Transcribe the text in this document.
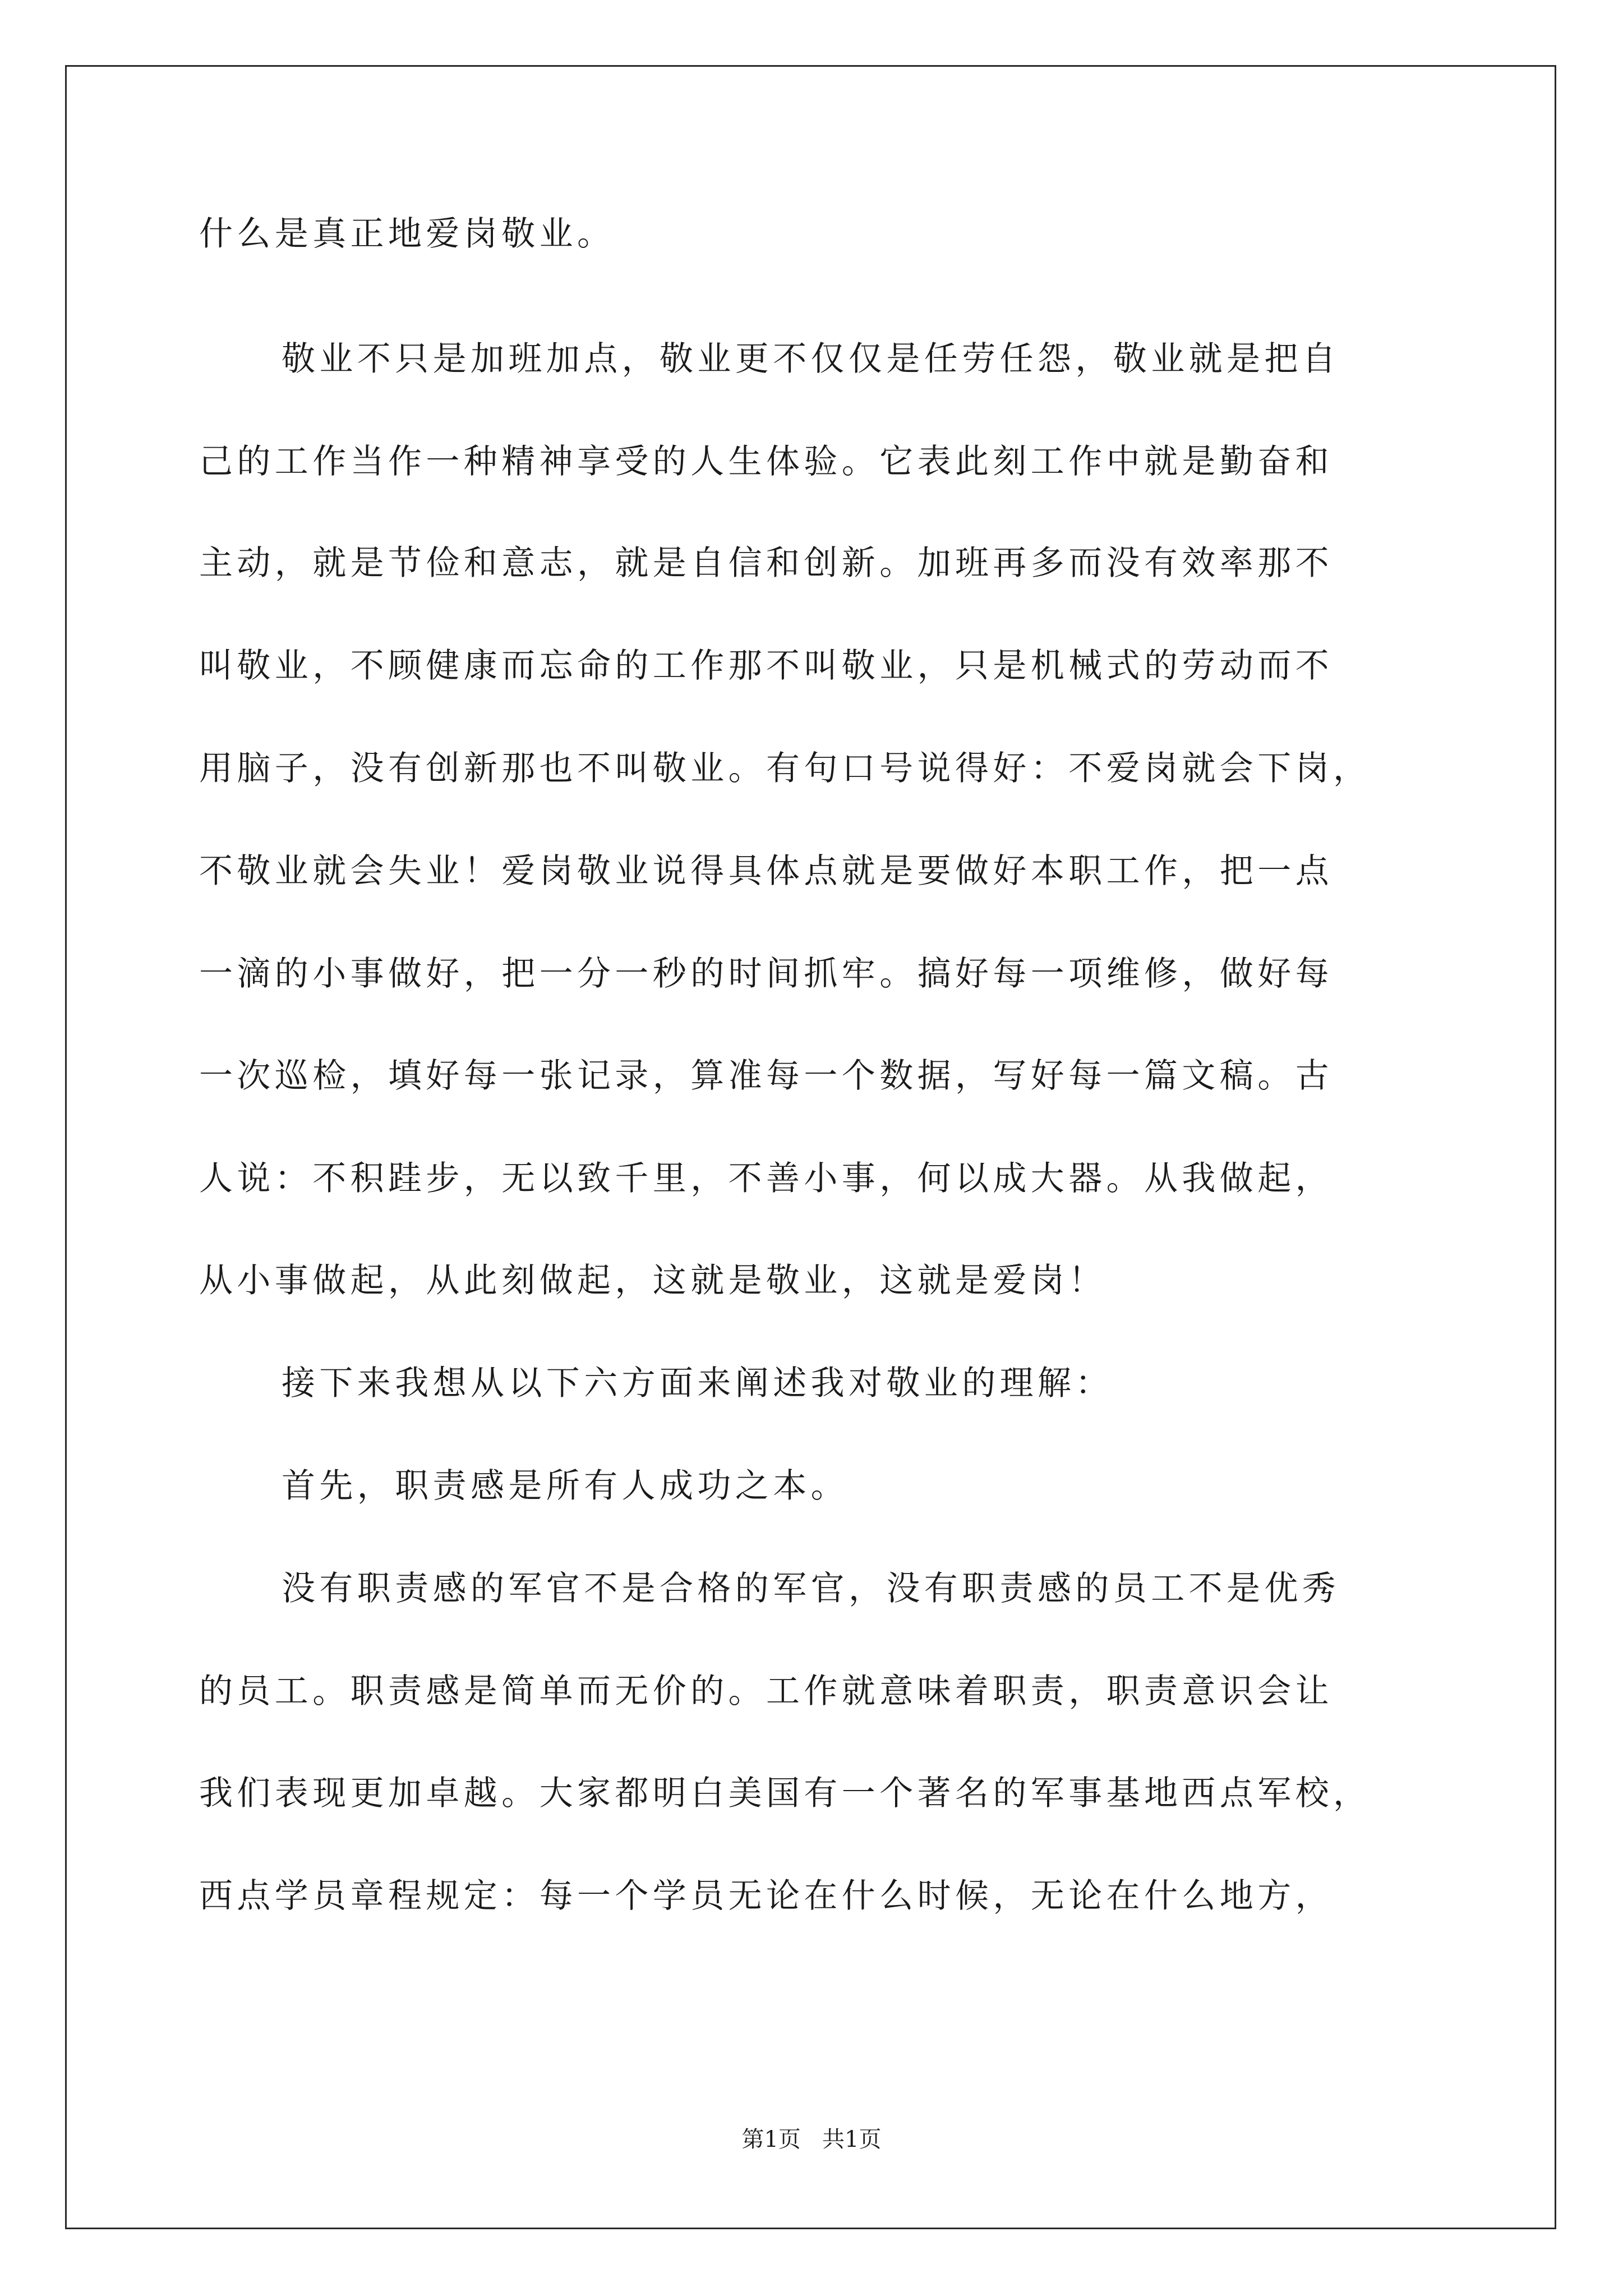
什么是真正地爱岗敬业。

敬业不只是加班加点，敬业更不仅仅是任劳任怨，敬业就是把自

己的工作当作一种精神享受的人生体验。它表此刻工作中就是勤奋和

主动，就是节俭和意志，就是自信和创新。加班再多而没有效率那不

叫敬业，不顾健康而忘命的工作那不叫敬业，只是机械式的劳动而不

用脑子，没有创新那也不叫敬业。有句口号说得好：不爱岗就会下岗，

不敬业就会失业！爱岗敬业说得具体点就是要做好本职工作，把一点

一滴的小事做好，把一分一秒的时间抓牢。搞好每一项维修，做好每

一次巡检，填好每一张记录，算准每一个数据，写好每一篇文稿。古

人说：不积跬步，无以致千里，不善小事，何以成大器。从我做起，

从小事做起，从此刻做起，这就是敬业，这就是爱岗！

接下来我想从以下六方面来阐述我对敬业的理解：

首先，职责感是所有人成功之本。

没有职责感的军官不是合格的军官，没有职责感的员工不是优秀

的员工。职责感是简单而无价的。工作就意味着职责，职责意识会让

我们表现更加卓越。大家都明白美国有一个著名的军事基地西点军校，

西点学员章程规定：每一个学员无论在什么时候，无论在什么地方，

第1页   共1页
